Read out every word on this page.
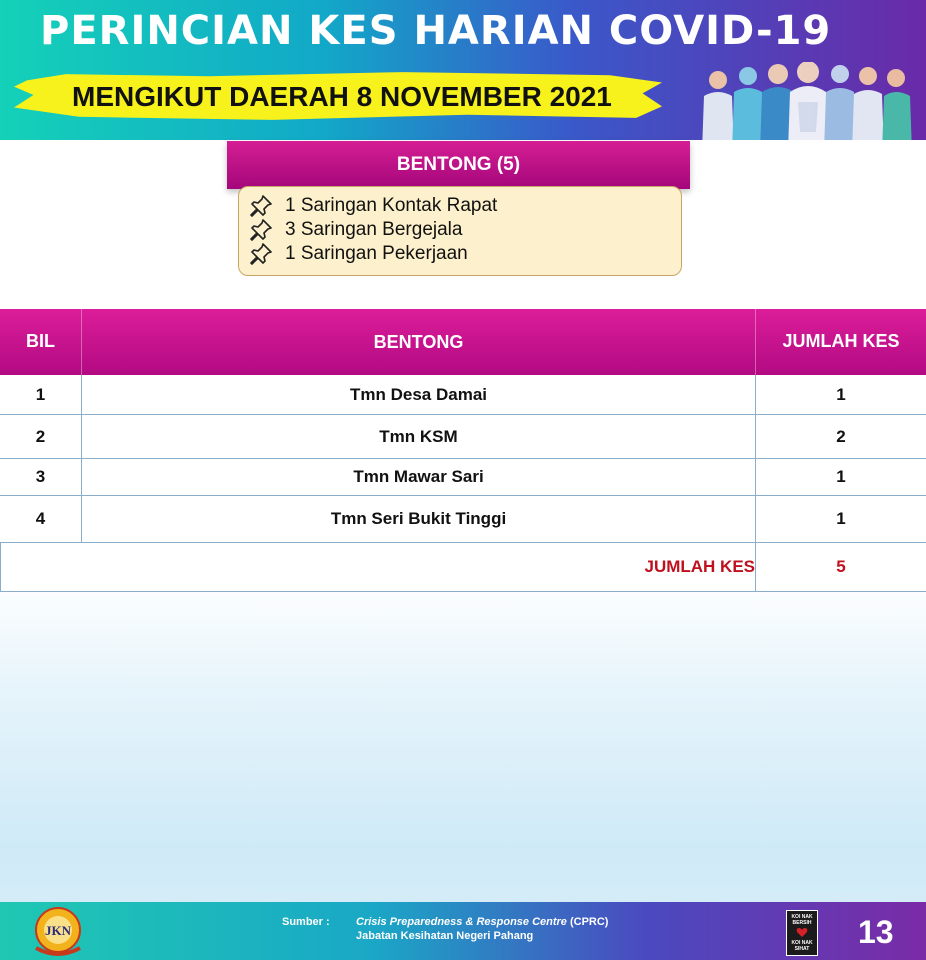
PERINCIAN KES HARIAN COVID-19
MENGIKUT DAERAH 8 NOVEMBER 2021
BENTONG (5)
1 Saringan Kontak Rapat
3 Saringan Bergejala
1 Saringan Pekerjaan
BIL	BENTONG	JUMLAH KES
1	Tmn Desa Damai	1
2	Tmn KSM	2
3	Tmn Mawar Sari	1
4	Tmn Seri Bukit Tinggi	1
JUMLAH KES	5
JKN
Sumber : Crisis Preparedness & Response Centre (CPRC)
Jabatan Kesihatan Negeri Pahang
KOI NAK
BERSIH
KOI NAK
SIHAT 13
